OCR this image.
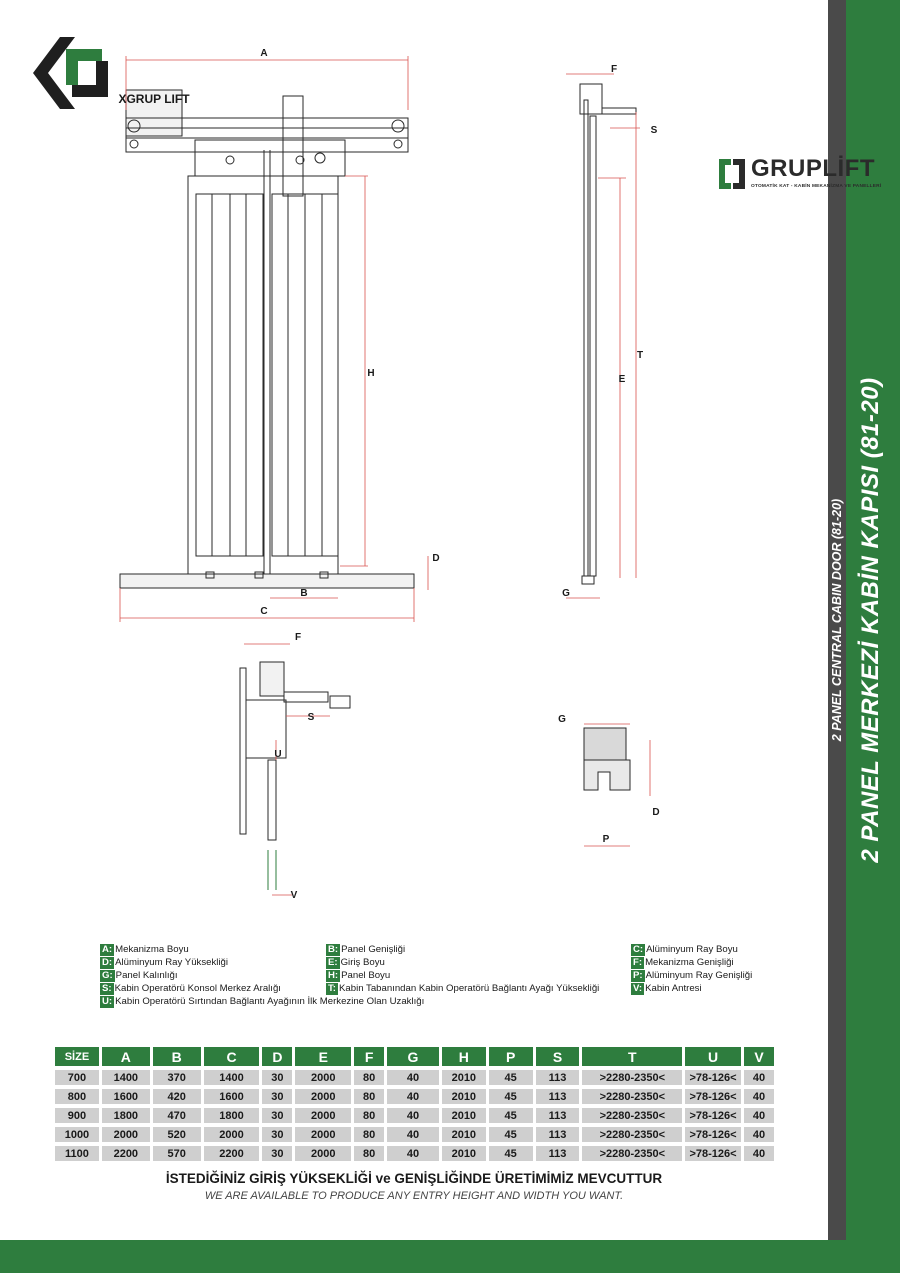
2 PANEL MERKEZİ KABİN KAPISI (81-20)
2 PANEL CENTRAL CABIN DOOR (81-20)
GRUPLİFT
OTOMATİK KAT - KABİN MEKANİZMA VE PANELLERİ
A
H
D
B
C
F
S
T
E
G
F
S
U
V
G
D
P
XGRUP LIFT
A: Mekanizma Boyu	B: Panel Genişliği	C: Alüminyum Ray Boyu
D: Alüminyum Ray Yüksekliği	E: Giriş Boyu	F: Mekanizma Genişliği
G: Panel Kalınlığı	H: Panel Boyu	P: Alüminyum Ray Genişliği
S: Kabin Operatörü Konsol Merkez Aralığı	T: Kabin Tabanından Kabin Operatörü Bağlantı Ayağı Yüksekliği	V: Kabin Antresi
U: Kabin Operatörü Sırtından Bağlantı Ayağının İlk Merkezine Olan Uzaklığı
SİZE	A	B	C	D	E	F	G	H	P	S	T	U	V
700	1400	370	1400	30	2000	80	40	2010	45	113	>2280-2350<	>78-126<	40
800	1600	420	1600	30	2000	80	40	2010	45	113	>2280-2350<	>78-126<	40
900	1800	470	1800	30	2000	80	40	2010	45	113	>2280-2350<	>78-126<	40
1000	2000	520	2000	30	2000	80	40	2010	45	113	>2280-2350<	>78-126<	40
1100	2200	570	2200	30	2000	80	40	2010	45	113	>2280-2350<	>78-126<	40
İSTEDİĞİNİZ GİRİŞ YÜKSEKLİĞİ ve GENİŞLİĞİNDE ÜRETİMİMİZ MEVCUTTUR
WE ARE AVAILABLE TO PRODUCE ANY ENTRY HEIGHT AND WIDTH YOU WANT.
